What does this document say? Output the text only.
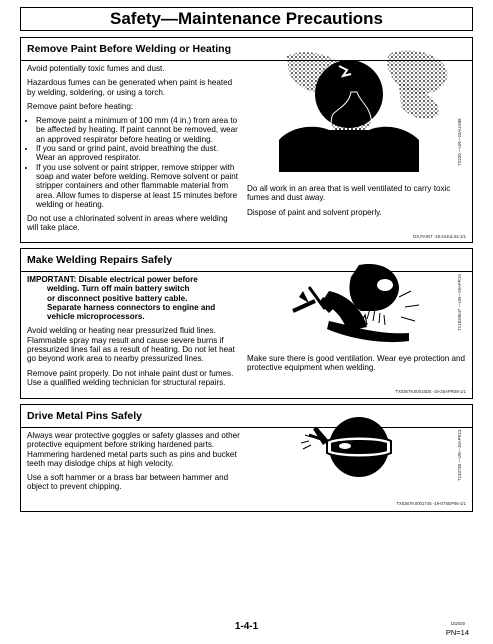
Safety—Maintenance Precautions
Remove Paint Before Welding or Heating

Avoid potentially toxic fumes and dust.

Hazardous fumes can be generated when paint is heated by welding, soldering, or using a torch.

Remove paint before heating:

• Remove paint a minimum of 100 mm (4 in.) from area to be affected by heating. If paint cannot be removed, wear an approved respirator before heating or welding.
• If you sand or grind paint, avoid breathing the dust. Wear an approved respirator.
• If you use solvent or paint stripper, remove stripper with soap and water before welding. Remove solvent or paint stripper containers and other flammable material from area. Allow fumes to disperse at least 15 minutes before welding or heating.

Do not use a chlorinated solvent in areas where welding will take place.

TS220 —UN—23AUG88

Do all work in an area that is well ventilated to carry toxic fumes and dust away.

Dispose of paint and solvent properly.

DX,PAINT -19-24JUL02-1/1
Make Welding Repairs Safely
IMPORTANT: Disable electrical power before
welding. Turn off main battery switch
or disconnect positive battery cable.
Separate harness connectors to engine and
vehicle microprocessors.

Avoid welding or heating near pressurized fluid lines. Flammable spray may result and cause severe burns if pressurized lines fail as a result of heating. Do not let heat go beyond work area to nearby pressurized lines.

Remove paint properly. Do not inhale paint dust or fumes. Use a qualified welding technician for structural repairs.

TX1033547 —UN—25APR13

Make sure there is good ventilation. Wear eye protection and protective equipment when welding.

TX03679,00016D5 -19-25APR08-1/1
Drive Metal Pins Safely

Always wear protective goggles or safety glasses and other protective equipment before striking hardened parts. Hammering hardened metal parts such as pins and bucket teeth may dislodge chips at high velocity.

Use a soft hammer or a brass bar between hammer and object to prevent chipping.

T133738 —UN—15APR13
TX03679,0001745 -19-07SEP06-1/1
1-4-1	102020
PN=14
